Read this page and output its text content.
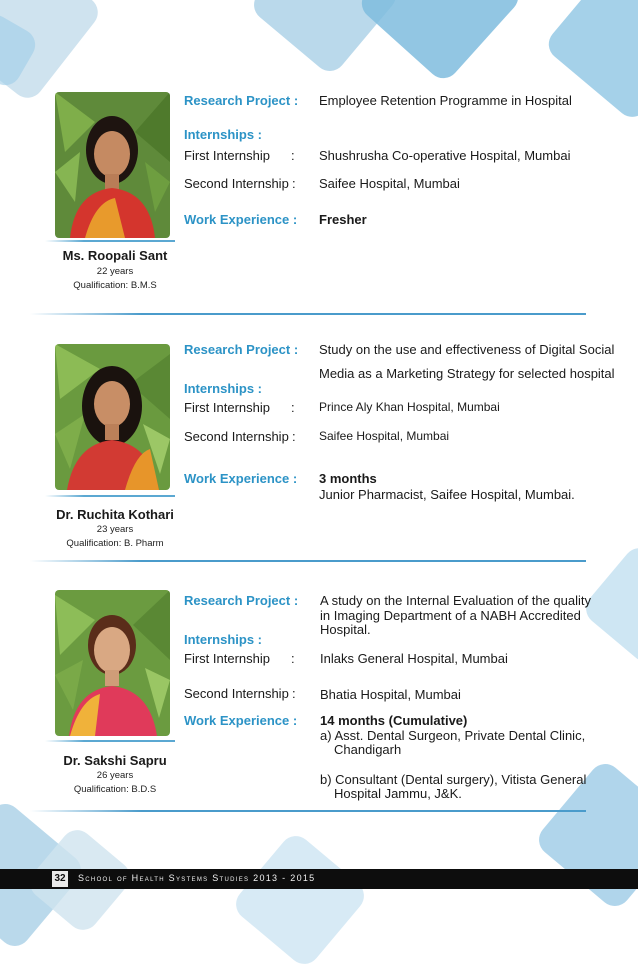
Ms. Roopali Sant
22 years
Qualification: B.M.S
Research Project : Employee Retention Programme in Hospital
Internships :
First Internship : Shushrusha Co-operative Hospital, Mumbai
Second Internship : Saifee Hospital, Mumbai
Work Experience : Fresher
Dr. Ruchita Kothari
23 years
Qualification: B. Pharm
Research Project : Study on the use and effectiveness of Digital Social
Media as a Marketing Strategy for selected hospital
Internships :
First Internship : Prince Aly Khan Hospital, Mumbai
Second Internship : Saifee Hospital, Mumbai
Work Experience : 3 months
Junior Pharmacist, Saifee Hospital, Mumbai.
Dr. Sakshi Sapru
26 years
Qualification: B.D.S
Research Project : A study on the Internal Evaluation of the quality
in Imaging Department of a NABH Accredited
Hospital.
Internships :
First Internship : Inlaks General Hospital, Mumbai
Second Internship : Bhatia Hospital, Mumbai
Work Experience : 14 months (Cumulative)
a) Asst. Dental Surgeon, Private Dental Clinic,
Chandigarh
b) Consultant (Dental surgery), Vitista General
Hospital Jammu, J&K.
32 School of Health Systems Studies 2013 - 2015
